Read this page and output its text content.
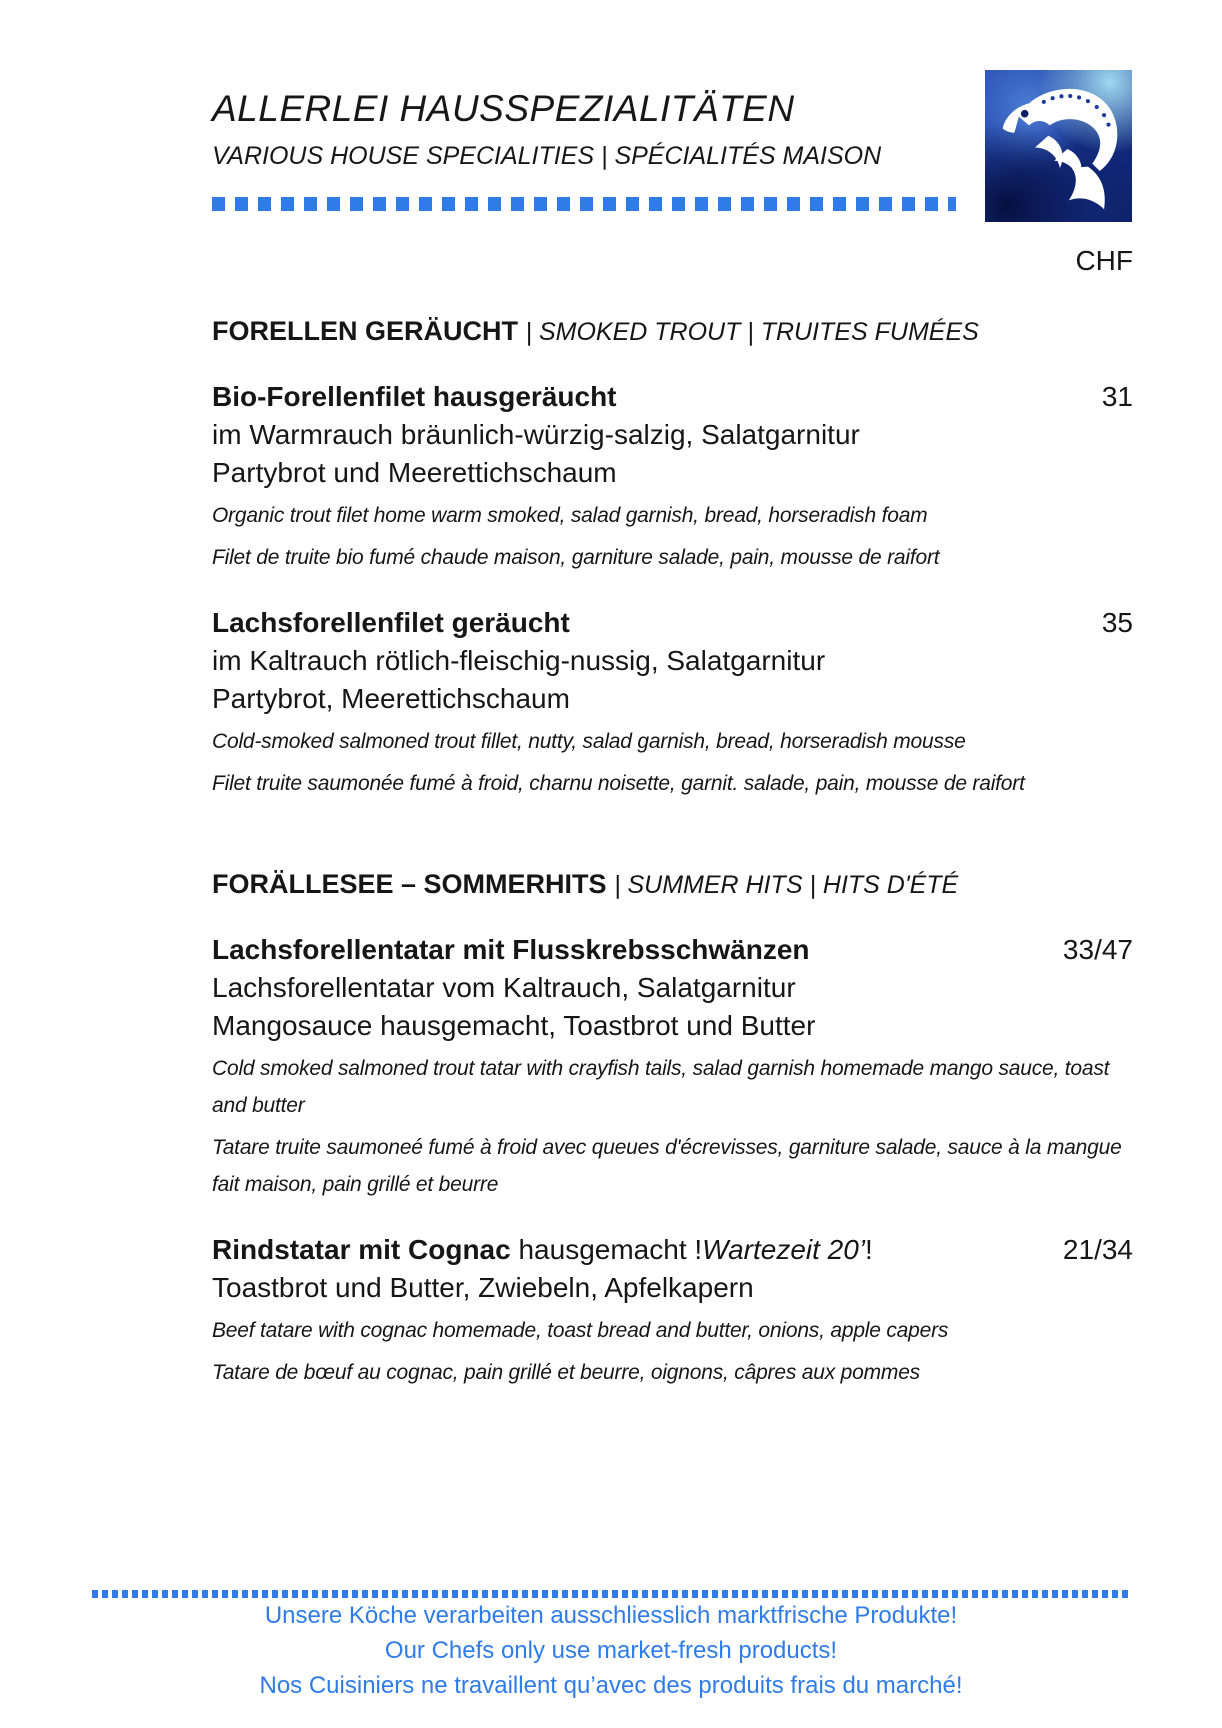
ALLERLEI HAUSSPEZIALITÄTEN
VARIOUS HOUSE SPECIALITIES | SPÉCIALITÉS MAISON
CHF
FORELLEN GERÄUCHT | SMOKED TROUT | TRUITES FUMÉES
Bio-Forellenfilet hausgeräucht	31
im Warmrauch bräunlich-würzig-salzig, Salatgarnitur
Partybrot und Meerettichschaum
Organic trout filet home warm smoked, salad garnish, bread, horseradish foam
Filet de truite bio fumé chaude maison, garniture salade, pain, mousse de raifort
Lachsforellenfilet geräucht	35
im Kaltrauch rötlich-fleischig-nussig, Salatgarnitur
Partybrot, Meerettichschaum
Cold-smoked salmoned trout fillet, nutty, salad garnish, bread, horseradish mousse
Filet truite saumonée fumé à froid, charnu noisette, garnit. salade, pain, mousse de raifort
FORÄLLESEE – SOMMERHITS | SUMMER HITS | HITS D'ÉTÉ
Lachsforellentatar mit Flusskrebsschwänzen	33/47
Lachsforellentatar vom Kaltrauch, Salatgarnitur
Mangosauce hausgemacht, Toastbrot und Butter
Cold smoked salmoned trout tatar with crayfish tails, salad garnish homemade mango sauce, toast and butter
Tatare truite saumoneé fumé à froid avec queues d'écrevisses, garniture salade, sauce à la mangue fait maison, pain grillé et beurre
Rindstatar mit Cognac hausgemacht !Wartezeit 20’!	21/34
Toastbrot und Butter, Zwiebeln, Apfelkapern
Beef tatare with cognac homemade, toast bread and butter, onions, apple capers
Tatare de bœuf au cognac, pain grillé et beurre, oignons, câpres aux pommes
Unsere Köche verarbeiten ausschliesslich marktfrische Produkte!
Our Chefs only use market-fresh products!
Nos Cuisiniers ne travaillent qu’avec des produits frais du marché!
